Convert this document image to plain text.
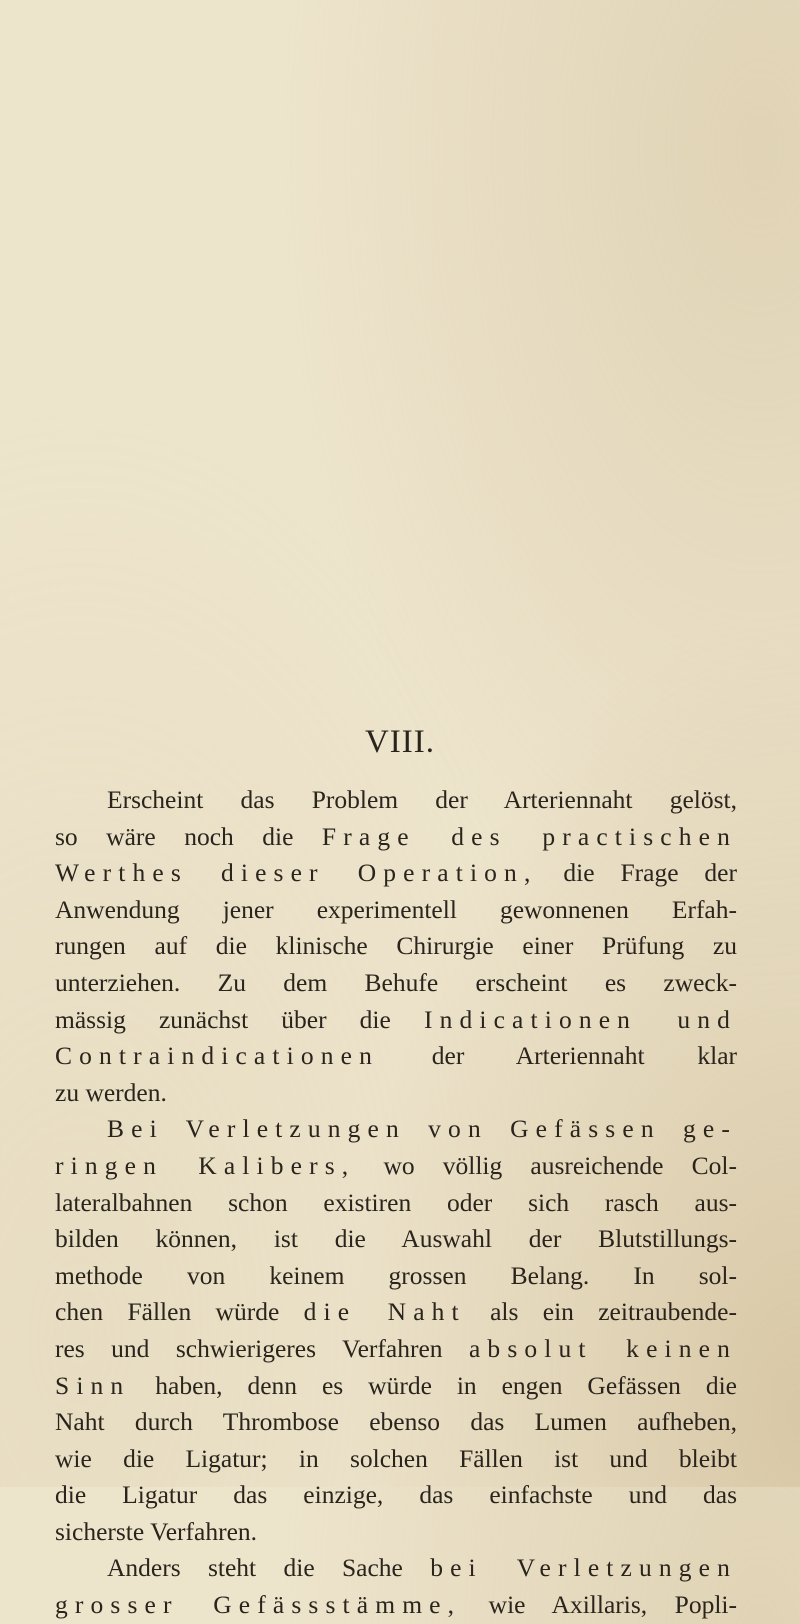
VIII.
Erscheint das Problem der Arteriennaht gelöst,
so wäre noch die Frage des practischen
Werthes dieser Operation, die Frage der
Anwendung jener experimentell gewonnenen Erfah-
rungen auf die klinische Chirurgie einer Prüfung zu
unterziehen. Zu dem Behufe erscheint es zweck-
mässig zunächst über die Indicationen und
Contraindicationen der Arteriennaht klar
zu werden.
Bei Verletzungen von Gefässen ge-
ringen Kalibers, wo völlig ausreichende Col-
lateralbahnen schon existiren oder sich rasch aus-
bilden können, ist die Auswahl der Blutstillungs-
methode von keinem grossen Belang. In sol-
chen Fällen würde die Naht als ein zeitraubende-
res und schwierigeres Verfahren absolut keinen
Sinn haben, denn es würde in engen Gefässen die
Naht durch Thrombose ebenso das Lumen aufheben,
wie die Ligatur; in solchen Fällen ist und bleibt
die Ligatur das einzige, das einfachste und das
sicherste Verfahren.
Anders steht die Sache bei Verletzungen
grosser Gefässstämme, wie Axillaris, Popli-
